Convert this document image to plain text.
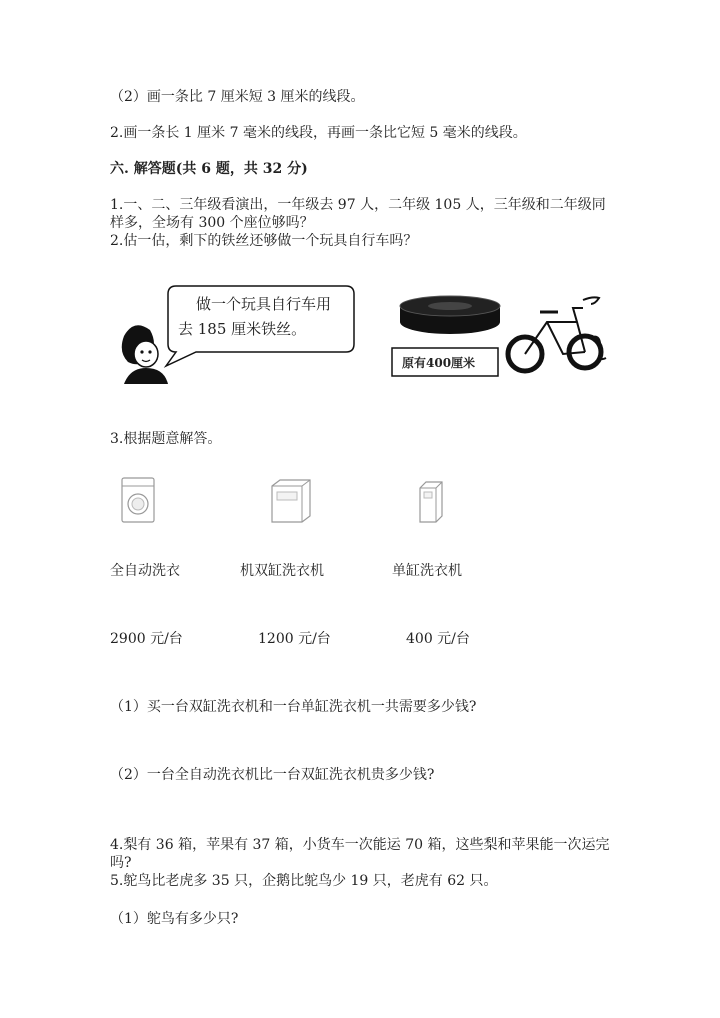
（2）画一条比 7 厘米短 3 厘米的线段。
2.画一条长 1 厘米 7 毫米的线段，再画一条比它短 5 毫米的线段。
六. 解答题(共 6 题，共 32 分)
1.一、二、三年级看演出，一年级去 97 人，二年级 105 人，三年级和二年级同
样多，全场有 300 个座位够吗？
2.估一估，剩下的铁丝还够做一个玩具自行车吗？
做一个玩具自行车用
去 185 厘米铁丝。
原有400厘米
3.根据题意解答。
全自动洗衣	机双缸洗衣机	单缸洗衣机
2900 元/台	1200 元/台	400 元/台
（1）买一台双缸洗衣机和一台单缸洗衣机一共需要多少钱?
（2）一台全自动洗衣机比一台双缸洗衣机贵多少钱?
4.梨有 36 箱，苹果有 37 箱，小货车一次能运 70 箱，这些梨和苹果能一次运完
吗?
5.鸵鸟比老虎多 35 只，企鹅比鸵鸟少 19 只，老虎有 62 只。
（1）鸵鸟有多少只?
